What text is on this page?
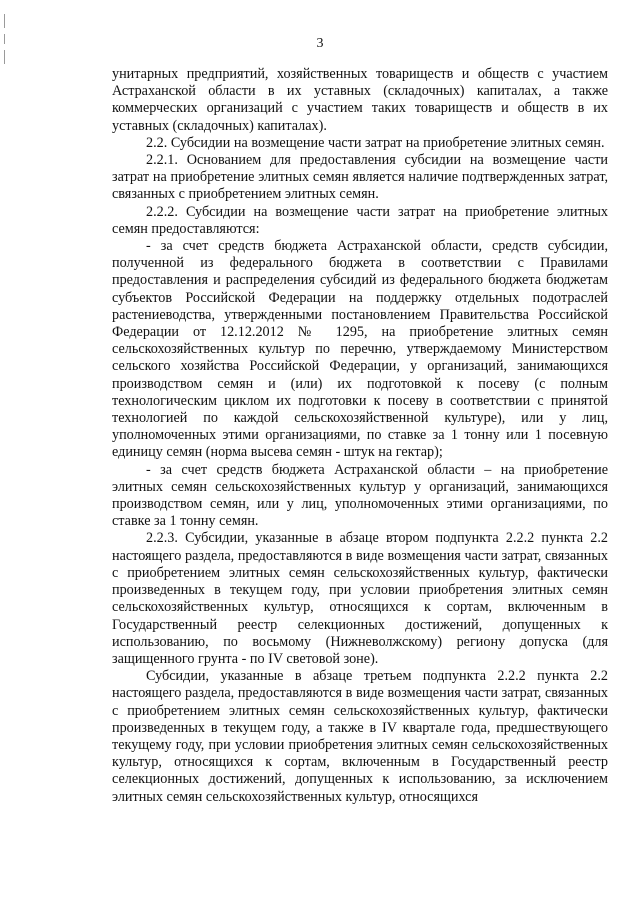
3

унитарных предприятий, хозяйственных товариществ и обществ с участием Астраханской области в их уставных (складочных) капиталах, а также коммерческих организаций с участием таких товариществ и обществ в их уставных (складочных) капиталах).

2.2. Субсидии на возмещение части затрат на приобретение элитных семян.

2.2.1. Основанием для предоставления субсидии на возмещение части затрат на приобретение элитных семян является наличие подтвержденных затрат, связанных с приобретением элитных семян.

2.2.2. Субсидии на возмещение части затрат на приобретение элитных семян предоставляются:

- за счет средств бюджета Астраханской области, средств субсидии, полученной из федерального бюджета в соответствии с Правилами предоставления и распределения субсидий из федерального бюджета бюджетам субъектов Российской Федерации на поддержку отдельных подотраслей растениеводства, утвержденными постановлением Правительства Российской Федерации от 12.12.2012 № 1295, на приобретение элитных семян сельскохозяйственных культур по перечню, утверждаемому Министерством сельского хозяйства Российской Федерации, у организаций, занимающихся производством семян и (или) их подготовкой к посеву (с полным технологическим циклом их подготовки к посеву в соответствии с принятой технологией по каждой сельскохозяйственной культуре), или у лиц, уполномоченных этими организациями, по ставке за 1 тонну или 1 посевную единицу семян (норма высева семян - штук на гектар);

- за счет средств бюджета Астраханской области – на приобретение элитных семян сельскохозяйственных культур у организаций, занимающихся производством семян, или у лиц, уполномоченных этими организациями, по ставке за 1 тонну семян.

2.2.3. Субсидии, указанные в абзаце втором подпункта 2.2.2 пункта 2.2 настоящего раздела, предоставляются в виде возмещения части затрат, связанных с приобретением элитных семян сельскохозяйственных культур, фактически произведенных в текущем году, при условии приобретения элитных семян сельскохозяйственных культур, относящихся к сортам, включенным в Государственный реестр селекционных достижений, допущенных к использованию, по восьмому (Нижневолжскому) региону допуска (для защищенного грунта - по IV световой зоне).

Субсидии, указанные в абзаце третьем подпункта 2.2.2 пункта 2.2 настоящего раздела, предоставляются в виде возмещения части затрат, связанных с приобретением элитных семян сельскохозяйственных культур, фактически произведенных в текущем году, а также в IV квартале года, предшествующего текущему году, при условии приобретения элитных семян сельскохозяйственных культур, относящихся к сортам, включенным в Государственный реестр селекционных достижений, допущенных к использованию, за исключением элитных семян сельскохозяйственных культур, относящихся
